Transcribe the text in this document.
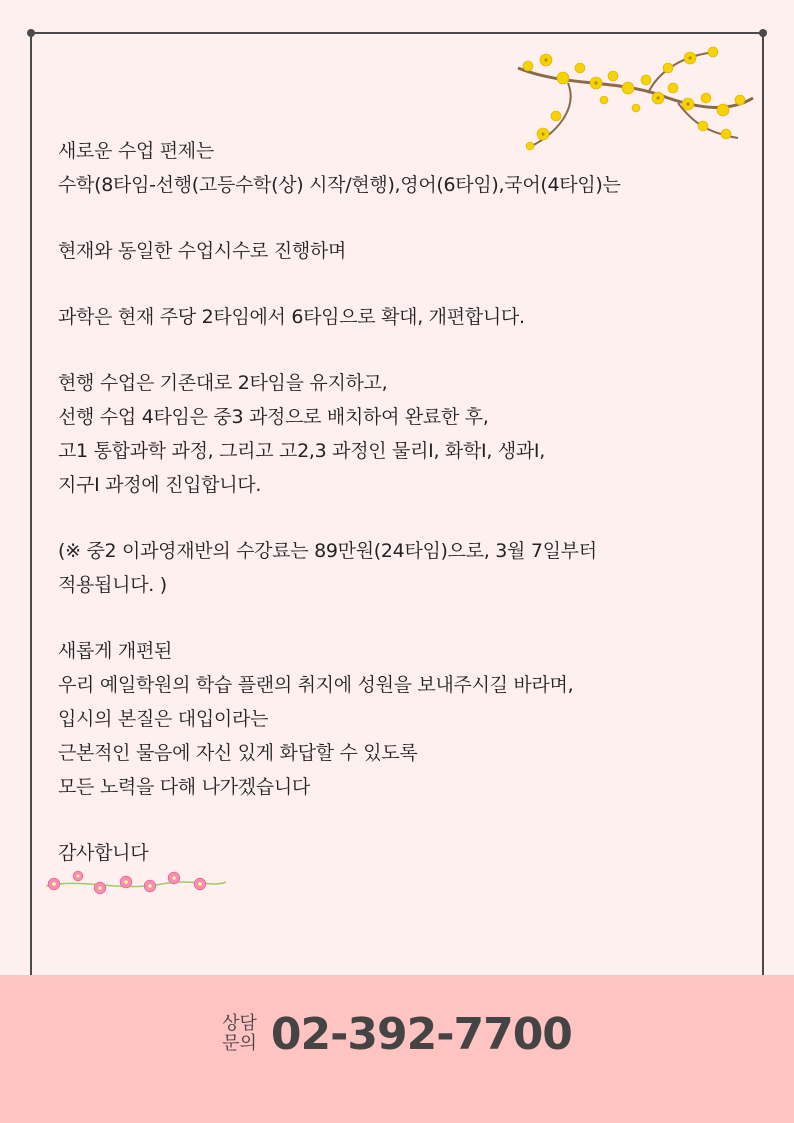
새로운 수업 편제는
수학(8타임-선행(고등수학(상) 시작/현행),영어(6타임),국어(4타임)는

현재와 동일한 수업시수로 진행하며

과학은 현재 주당 2타임에서 6타임으로 확대, 개편합니다.

현행 수업은 기존대로 2타임을 유지하고,
선행 수업 4타임은 중3 과정으로 배치하여 완료한 후,
고1 통합과학 과정, 그리고 고2,3 과정인 물리Ⅰ, 화학Ⅰ, 생과Ⅰ,
지구Ⅰ 과정에 진입합니다.

(※ 중2 이과영재반의 수강료는 89만원(24타임)으로, 3월 7일부터
적용됩니다. )

새롭게 개편된
우리 예일학원의 학습 플랜의 취지에 성원을 보내주시길 바라며,
입시의 본질은 대입이라는
근본적인 물음에 자신 있게 화답할 수 있도록
모든 노력을 다해 나가겠습니다

감사합니다

상담
문의 02-392-7700
